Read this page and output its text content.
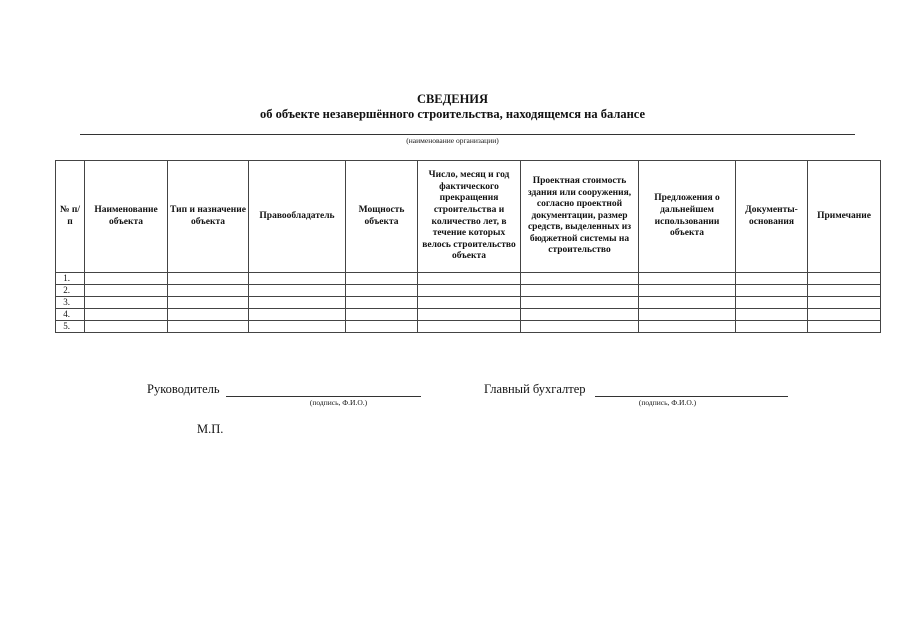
СВЕДЕНИЯ
об объекте незавершённого строительства, находящемся на балансе
(наименование организации)
№ п/п	Наименование объекта	Тип и назначение объекта	Правообладатель	Мощность объекта	Число, месяц и год фактического прекращения строительства и количество лет, в течение которых велось строительство объекта	Проектная стоимость здания или сооружения, согласно проектной документации, размер средств, выделенных из бюджетной системы на строительство	Предложения о дальнейшем использовании объекта	Документы-основания	Примечание
1.									
2.									
3.									
4.									
5.									
Руководитель
(подпись, Ф.И.О.)
Главный бухгалтер
(подпись, Ф.И.О.)
М.П.
